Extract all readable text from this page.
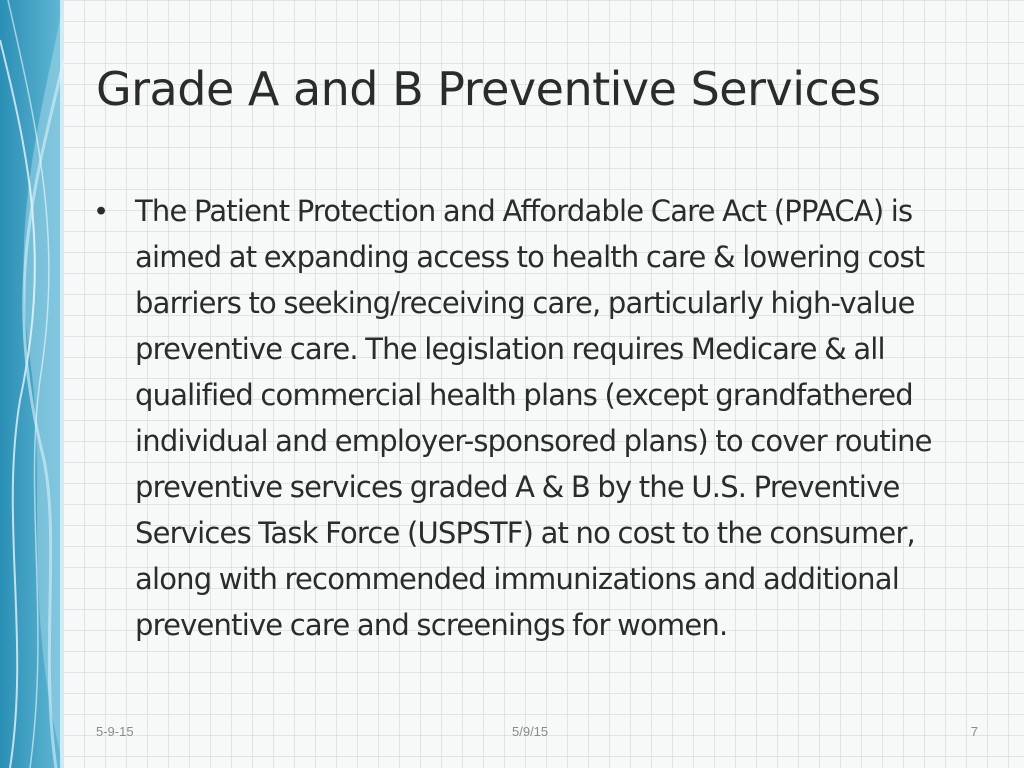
Grade A and B Preventive Services
• The Patient Protection and Affordable Care Act (PPACA) is aimed at expanding access to health care & lowering cost barriers to seeking/receiving care, particularly high-value preventive care. The legislation requires Medicare & all qualified commercial health plans (except grandfathered individual and employer-sponsored plans) to cover routine preventive services graded A & B by the U.S. Preventive Services Task Force (USPSTF) at no cost to the consumer, along with recommended immunizations and additional preventive care and screenings for women.
5-9-15	5/9/15	7
